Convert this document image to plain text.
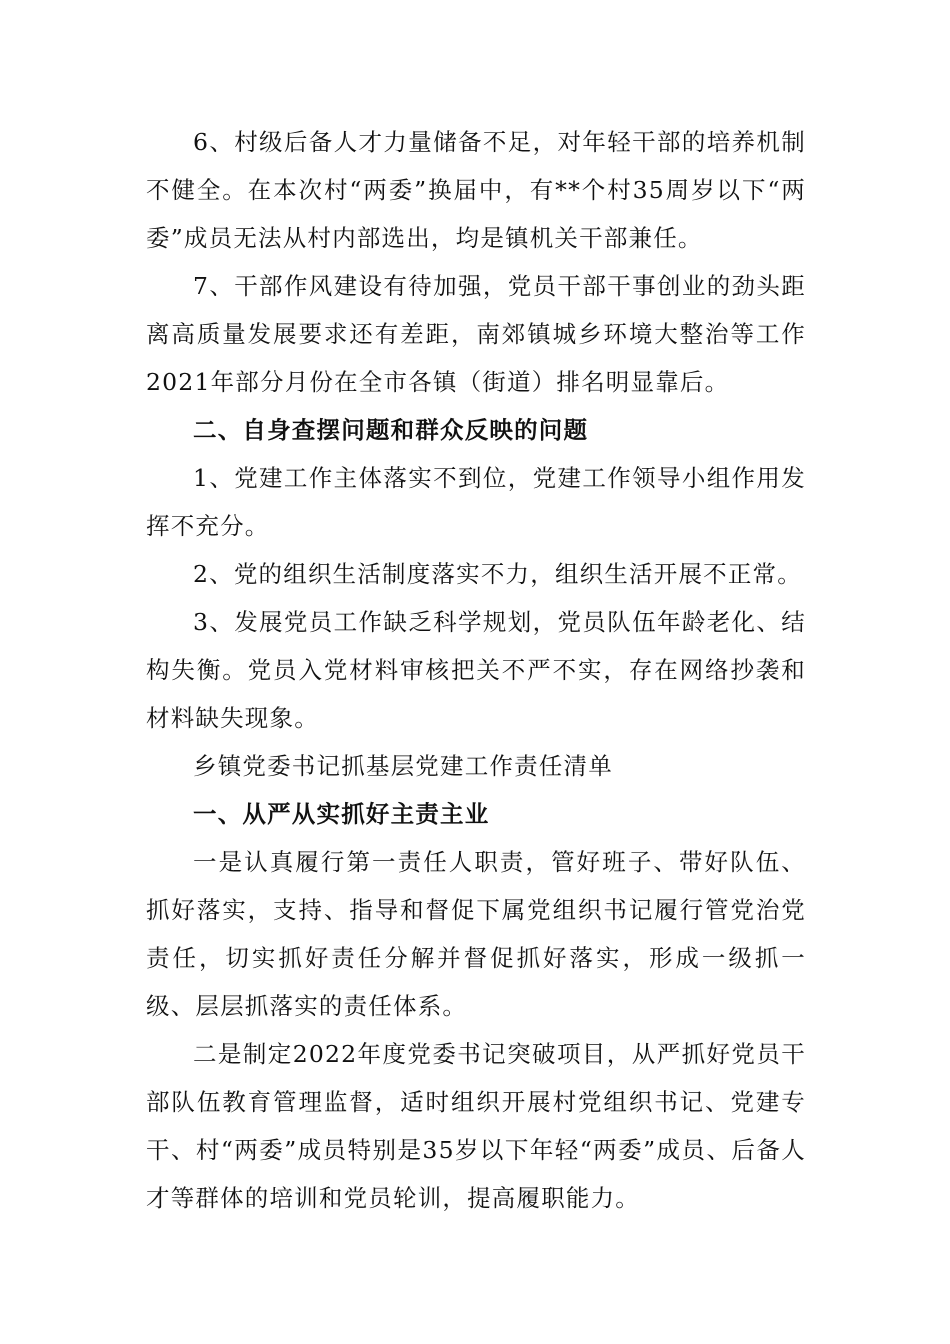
6、村级后备人才力量储备不足，对年轻干部的培养机制不健全。在本次村“两委”换届中，有**个村35周岁以下“两委”成员无法从村内部选出，均是镇机关干部兼任。

7、干部作风建设有待加强，党员干部干事创业的劲头距离高质量发展要求还有差距，南郊镇城乡环境大整治等工作2021年部分月份在全市各镇（街道）排名明显靠后。

二、自身查摆问题和群众反映的问题

1、党建工作主体落实不到位，党建工作领导小组作用发挥不充分。

2、党的组织生活制度落实不力，组织生活开展不正常。

3、发展党员工作缺乏科学规划，党员队伍年龄老化、结构失衡。党员入党材料审核把关不严不实，存在网络抄袭和材料缺失现象。

乡镇党委书记抓基层党建工作责任清单

一、从严从实抓好主责主业

一是认真履行第一责任人职责，管好班子、带好队伍、抓好落实，支持、指导和督促下属党组织书记履行管党治党责任，切实抓好责任分解并督促抓好落实，形成一级抓一级、层层抓落实的责任体系。

二是制定2022年度党委书记突破项目，从严抓好党员干部队伍教育管理监督，适时组织开展村党组织书记、党建专干、村“两委”成员特别是35岁以下年轻“两委”成员、后备人才等群体的培训和党员轮训，提高履职能力。
